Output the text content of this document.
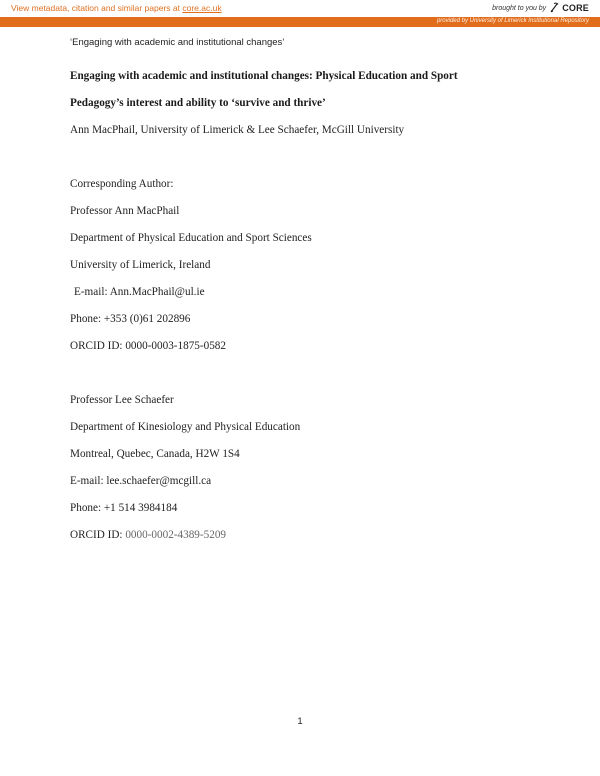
View metadata, citation and similar papers at core.ac.uk	brought to you by CORE
provided by University of Limerick Institutional Repository
‘Engaging with academic and institutional changes’
Engaging with academic and institutional changes: Physical Education and Sport
Pedagogy’s interest and ability to ‘survive and thrive’
Ann MacPhail, University of Limerick & Lee Schaefer, McGill University
Corresponding Author:
Professor Ann MacPhail
Department of Physical Education and Sport Sciences
University of Limerick, Ireland
E-mail: Ann.MacPhail@ul.ie
Phone: +353 (0)61 202896
ORCID ID: 0000-0003-1875-0582
Professor Lee Schaefer
Department of Kinesiology and Physical Education
Montreal, Quebec, Canada, H2W 1S4
E-mail: lee.schaefer@mcgill.ca
Phone: +1 514 3984184
ORCID ID: 0000-0002-4389-5209
1
